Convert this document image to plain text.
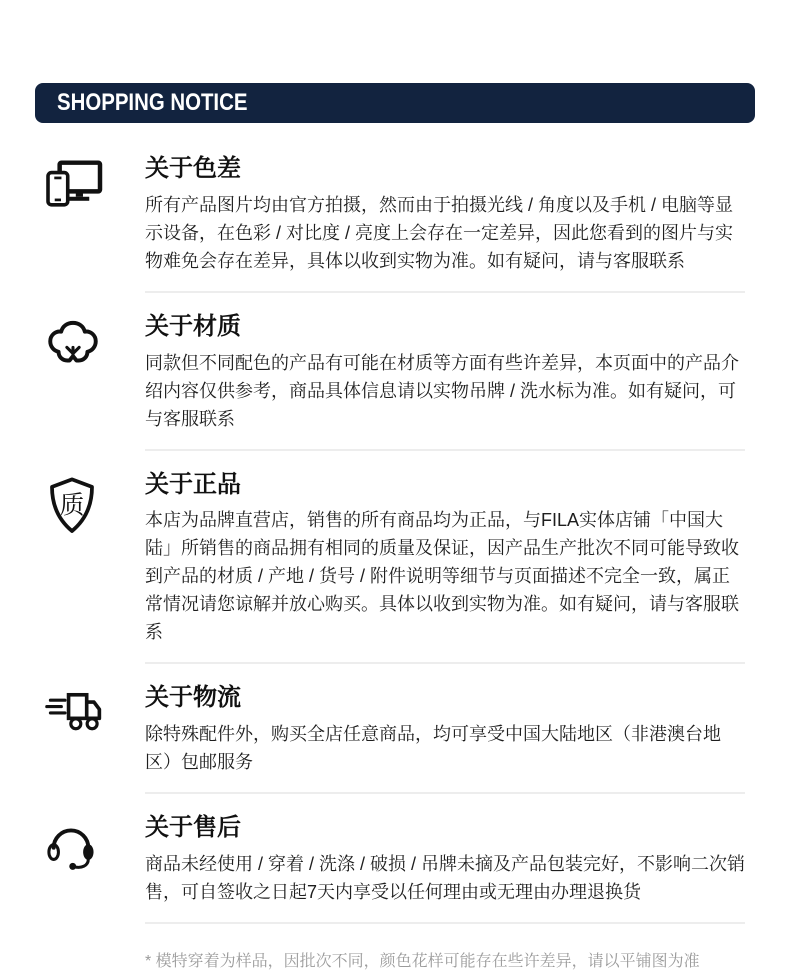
SHOPPING NOTICE
关于色差

所有产品图片均由官方拍摄，然而由于拍摄光线 / 角度以及手机 / 电脑等显示设备，在色彩 / 对比度 / 亮度上会存在一定差异，因此您看到的图片与实物难免会存在差异，具体以收到实物为准。如有疑问，请与客服联系

关于材质

同款但不同配色的产品有可能在材质等方面有些许差异，本页面中的产品介绍内容仅供参考，商品具体信息请以实物吊牌 / 洗水标为准。如有疑问，可与客服联系

质
关于正品

本店为品牌直营店，销售的所有商品均为正品，与FILA实体店铺「中国大陆」所销售的商品拥有相同的质量及保证，因产品生产批次不同可能导致收到产品的材质 / 产地 / 货号 / 附件说明等细节与页面描述不完全一致，属正常情况请您谅解并放心购买。具体以收到实物为准。如有疑问，请与客服联系

关于物流

除特殊配件外，购买全店任意商品，均可享受中国大陆地区（非港澳台地区）包邮服务

关于售后

商品未经使用 / 穿着 / 洗涤 / 破损 / 吊牌未摘及产品包装完好，不影响二次销售，可自签收之日起7天内享受以任何理由或无理由办理退换货

* 模特穿着为样品，因批次不同，颜色花样可能存在些许差异，请以平铺图为准
